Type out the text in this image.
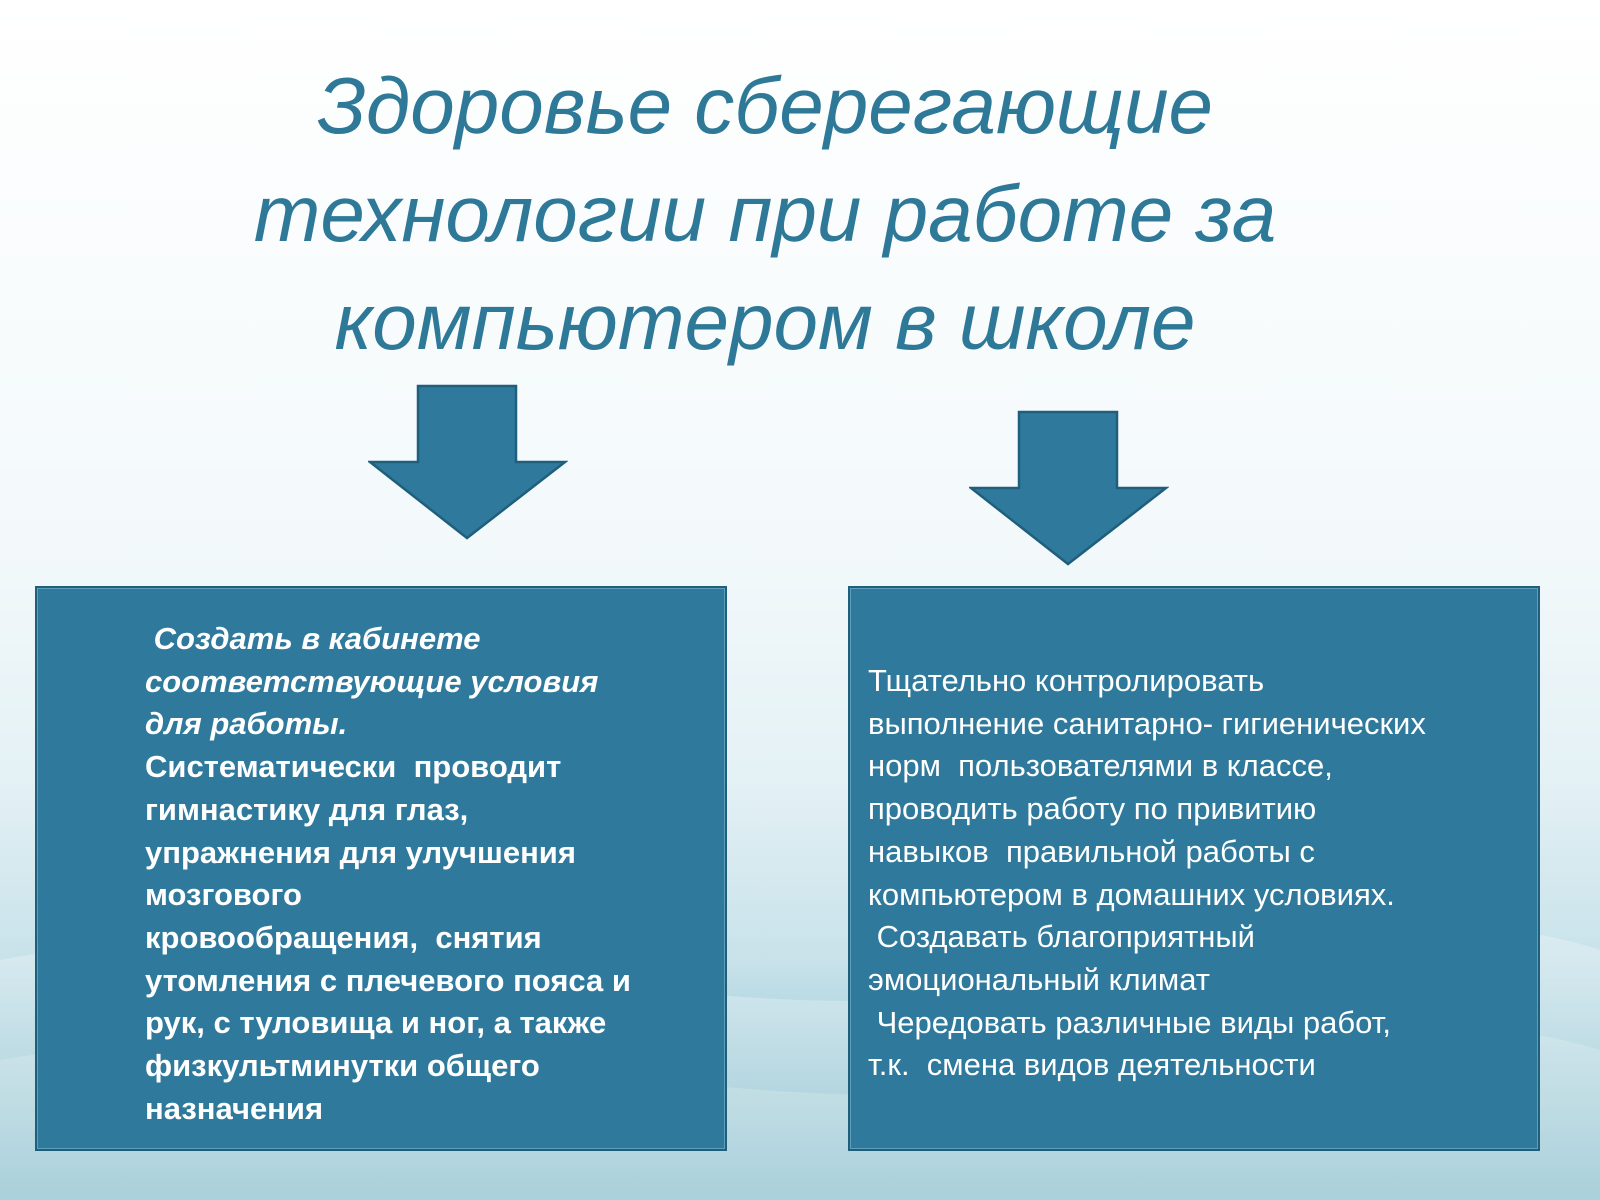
Здоровье сберегающие
технологии при работе за
компьютером в школе
Создать в кабинете
соответствующие условия
для работы.
Систематически  проводит
гимнастику для глаз,
упражнения для улучшения
мозгового
кровообращения,  снятия
утомления с плечевого пояса и
рук, с туловища и ног, а также
физкультминутки общего
назначения
Тщательно контролировать
выполнение санитарно- гигиенических
норм  пользователями в классе,
проводить работу по привитию
навыков  правильной работы с
компьютером в домашних условиях.
Создавать благоприятный
эмоциональный климат
Чередовать различные виды работ,
т.к.  смена видов деятельности
